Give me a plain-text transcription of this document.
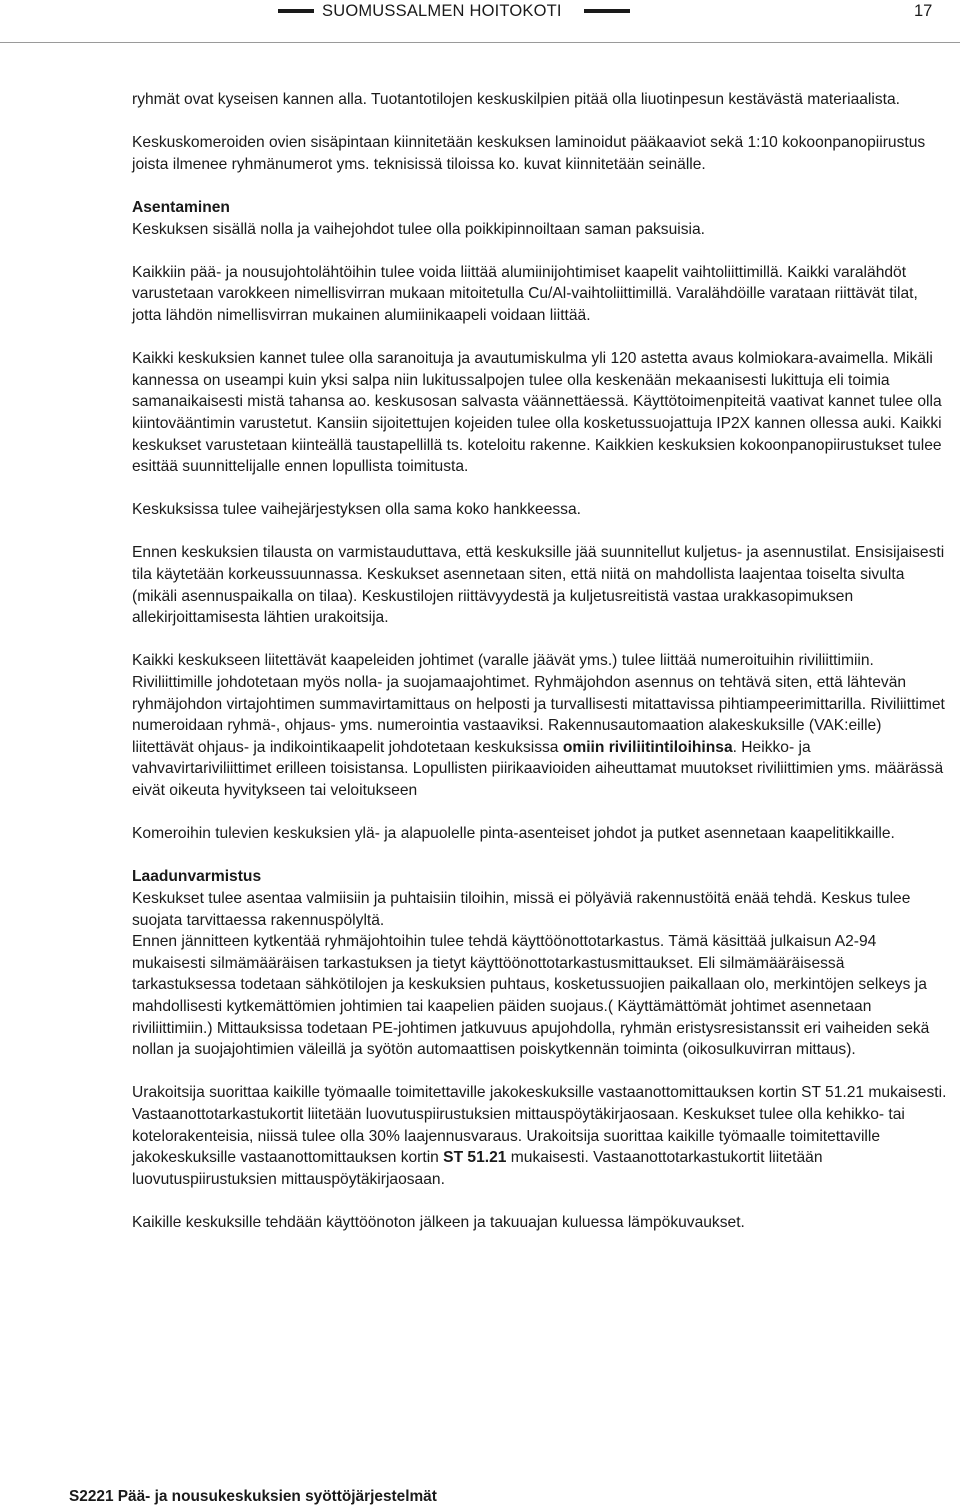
SUOMUSSALMEN HOITOKOTI	17

ryhmät ovat kyseisen kannen alla. Tuotantotilojen keskuskilpien pitää olla liuotinpesun kestävästä materiaalista.

Keskuskomeroiden ovien sisäpintaan kiinnitetään keskuksen laminoidut pääkaaviot sekä 1:10 kokoonpanopiirustus joista ilmenee ryhmänumerot yms. teknisissä tiloissa ko. kuvat kiinnitetään seinälle.

Asentaminen

Keskuksen sisällä nolla ja vaihejohdot tulee olla poikkipinnoiltaan saman paksuisia.

Kaikkiin pää- ja nousujohtolähtöihin tulee voida liittää alumiinijohtimiset kaapelit vaihtoliittimillä. Kaikki varalähdöt varustetaan varokkeen nimellisvirran mukaan mitoitetulla Cu/Al-vaihtoliittimillä. Varalähdöille varataan riittävät tilat, jotta lähdön nimellisvirran mukainen alumiinikaapeli voidaan liittää.

Kaikki keskuksien kannet tulee olla saranoituja ja avautumiskulma yli 120 astetta avaus kolmiokara-avaimella. Mikäli kannessa on useampi kuin yksi salpa niin lukitussalpojen tulee olla keskenään mekaanisesti lukittuja eli toimia samanaikaisesti mistä tahansa ao. keskusosan salvasta väännettäessä. Käyttötoimenpiteitä vaativat kannet tulee olla kiintovääntimin varustetut. Kansiin sijoitettujen kojeiden tulee olla kosketussuojattuja IP2X kannen ollessa auki. Kaikki keskukset varustetaan kiinteällä taustapellillä ts. koteloitu rakenne. Kaikkien keskuksien kokoonpanopiirustukset tulee esittää suunnittelijalle ennen lopullista toimitusta.

Keskuksissa tulee vaihejärjestyksen olla sama koko hankkeessa.

Ennen keskuksien tilausta on varmistauduttava, että keskuksille jää suunnitellut kuljetus- ja asennustilat. Ensisijaisesti tila käytetään korkeussuunnassa. Keskukset asennetaan siten, että niitä on mahdollista laajentaa toiselta sivulta (mikäli asennuspaikalla on tilaa). Keskustilojen riittävyydestä ja kuljetusreitistä vastaa urakkasopimuksen allekirjoittamisesta lähtien urakoitsija.

Kaikki keskukseen liitettävät kaapeleiden johtimet (varalle jäävät yms.) tulee liittää numeroituihin riviliittimiin. Riviliittimille johdotetaan myös nolla- ja suojamaajohtimet. Ryhmäjohdon asennus on tehtävä siten, että lähtevän ryhmäjohdon virtajohtimen summavirtamittaus on helposti ja turvallisesti mitattavissa pihtiampeerimittarilla. Riviliittimet numeroidaan ryhmä-, ohjaus- yms. numerointia vastaaviksi. Rakennusautomaation alakeskuksille (VAK:eille) liitettävät ohjaus- ja indikointikaapelit johdotetaan keskuksissa omiin riviliitintiloihinsa. Heikko- ja vahvavirtariviliittimet erilleen toisistansa. Lopullisten piirikaavioiden aiheuttamat muutokset riviliittimien yms. määrässä eivät oikeuta hyvitykseen tai veloitukseen

Komeroihin tulevien keskuksien ylä- ja alapuolelle pinta-asenteiset johdot ja putket asennetaan kaapelitikkaille.

Laadunvarmistus

Keskukset tulee asentaa valmiisiin ja puhtaisiin tiloihin, missä ei pölyäviä rakennustöitä enää tehdä. Keskus tulee suojata tarvittaessa rakennuspölyltä.

Ennen jännitteen kytkentää ryhmäjohtoihin tulee tehdä käyttöönottotarkastus. Tämä käsittää julkaisun A2-94 mukaisesti silmämääräisen tarkastuksen ja tietyt käyttöönottotarkastusmittaukset. Eli silmämääräisessä tarkastuksessa todetaan sähkötilojen ja keskuksien puhtaus, kosketussuojien paikallaan olo, merkintöjen selkeys ja mahdollisesti kytkemättömien johtimien tai kaapelien päiden suojaus.( Käyttämättömät johtimet asennetaan riviliittimiin.) Mittauksissa todetaan PE-johtimen jatkuvuus apujohdolla, ryhmän eristysresistanssit eri vaiheiden sekä nollan ja suojajohtimien väleillä ja syötön automaattisen poiskytkennän toiminta (oikosulkuvirran mittaus).

Urakoitsija suorittaa kaikille työmaalle toimitettaville jakokeskuksille vastaanottomittauksen kortin ST 51.21 mukaisesti. Vastaanottotarkastukortit liitetään luovutuspiirustuksien mittauspöytäkirjaosaan. Keskukset tulee olla kehikko- tai kotelorakenteisia, niissä tulee olla 30% laajennusvaraus. Urakoitsija suorittaa kaikille työmaalle toimitettaville jakokeskuksille vastaanottomittauksen kortin ST 51.21 mukaisesti. Vastaanottotarkastukortit liitetään luovutuspiirustuksien mittauspöytäkirjaosaan.

Kaikille keskuksille tehdään käyttöönoton jälkeen ja takuuajan kuluessa lämpökuvaukset.

S2221 Pää- ja nousukeskuksien syöttöjärjestelmät
